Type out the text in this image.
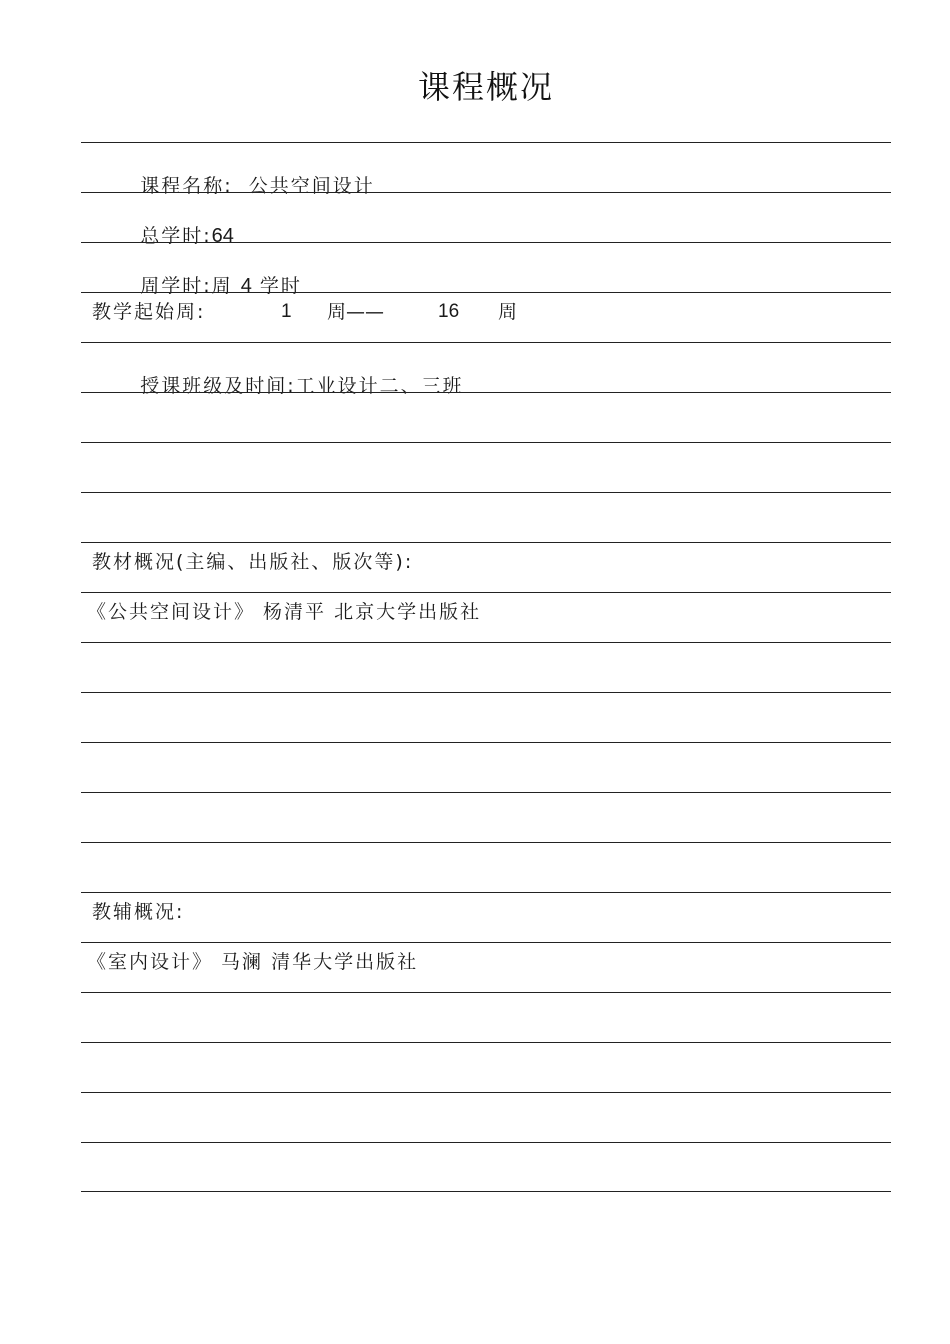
课程概况

课程名称: 公共空间设计

总学时:64

周学时:周 4 学时

教学起始周:	1 周——	16 周

授课班级及时间:工业设计二、三班

教材概况(主编、出版社、版次等):
《公共空间设计》 杨清平 北京大学出版社
教辅概况:
《室内设计》 马澜 清华大学出版社
